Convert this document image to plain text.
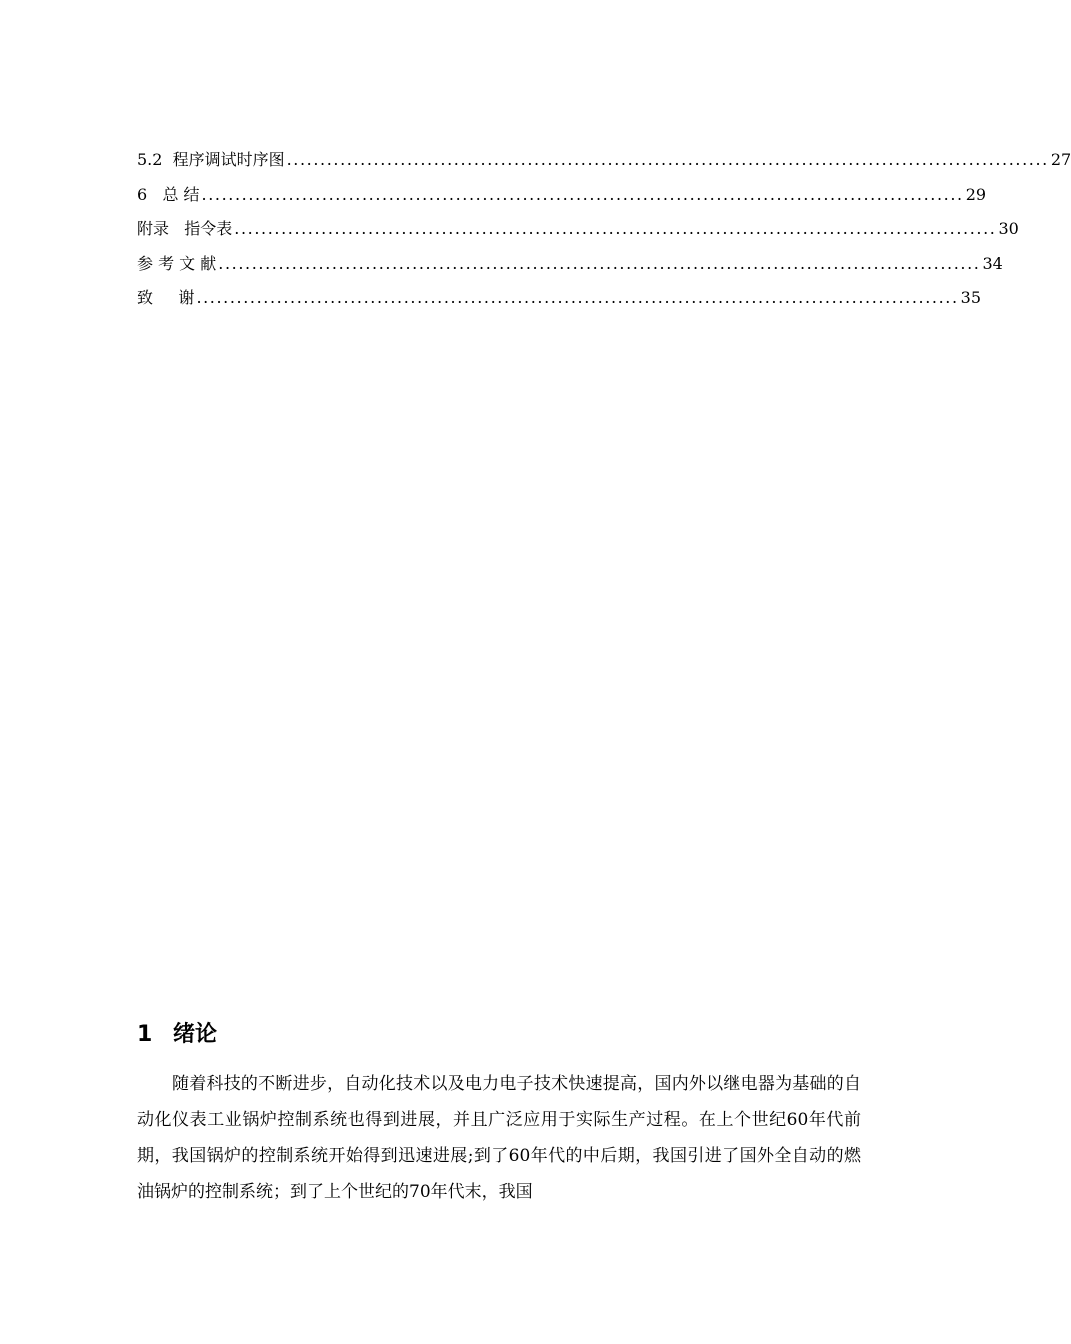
5.2  程序调试时序图 .................................................................................................................. 27
6   总 结 .................................................................................................................. 29
附录   指令表 .................................................................................................................. 30
参 考 文 献 .................................................................................................................. 34
致     谢 .................................................................................................................. 35
1 绪论

随着科技的不断进步，自动化技术以及电力电子技术快速提高，国内外以继电器为基础的自动化仪表工业锅炉控制系统也得到进展，并且广泛应用于实际生产过程。在上个世纪60年代前期，我国锅炉的控制系统开始得到迅速进展;到了60年代的中后期，我国引进了国外全自动的燃油锅炉的控制系统；到了上个世纪的70年代末，我国
